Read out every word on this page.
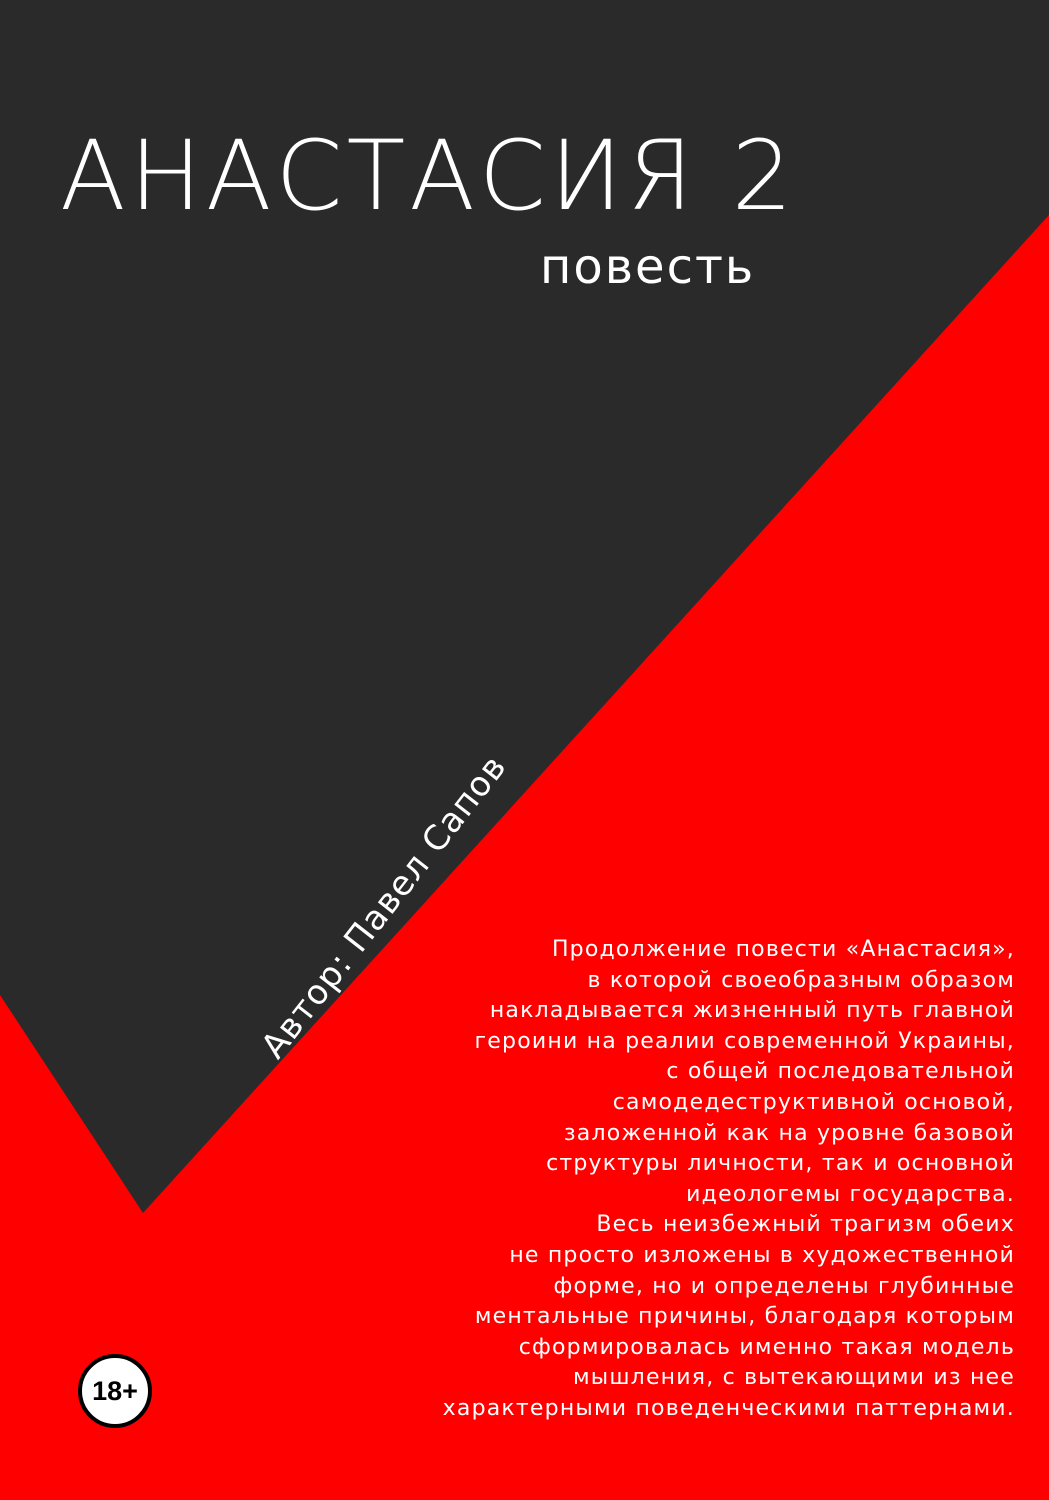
АНАСТАСИЯ 2
повесть
Автор: Павел Сапов	Продолжение повести «Анастасия»,
в которой своеобразным образом
накладывается жизненный путь главной
героини на реалии современной Украины,
с общей последовательной
самодедеструктивной основой,
заложенной как на уровне базовой
структуры личности, так и основной
идеологемы государства.
Весь неизбежный трагизм обеих
не просто изложены в художественной
форме, но и определены глубинные
ментальные причины, благодаря которым
сформировалась именно такая модель
мышления, с вытекающими из нее
характерными поведенческими паттернами.
18+
